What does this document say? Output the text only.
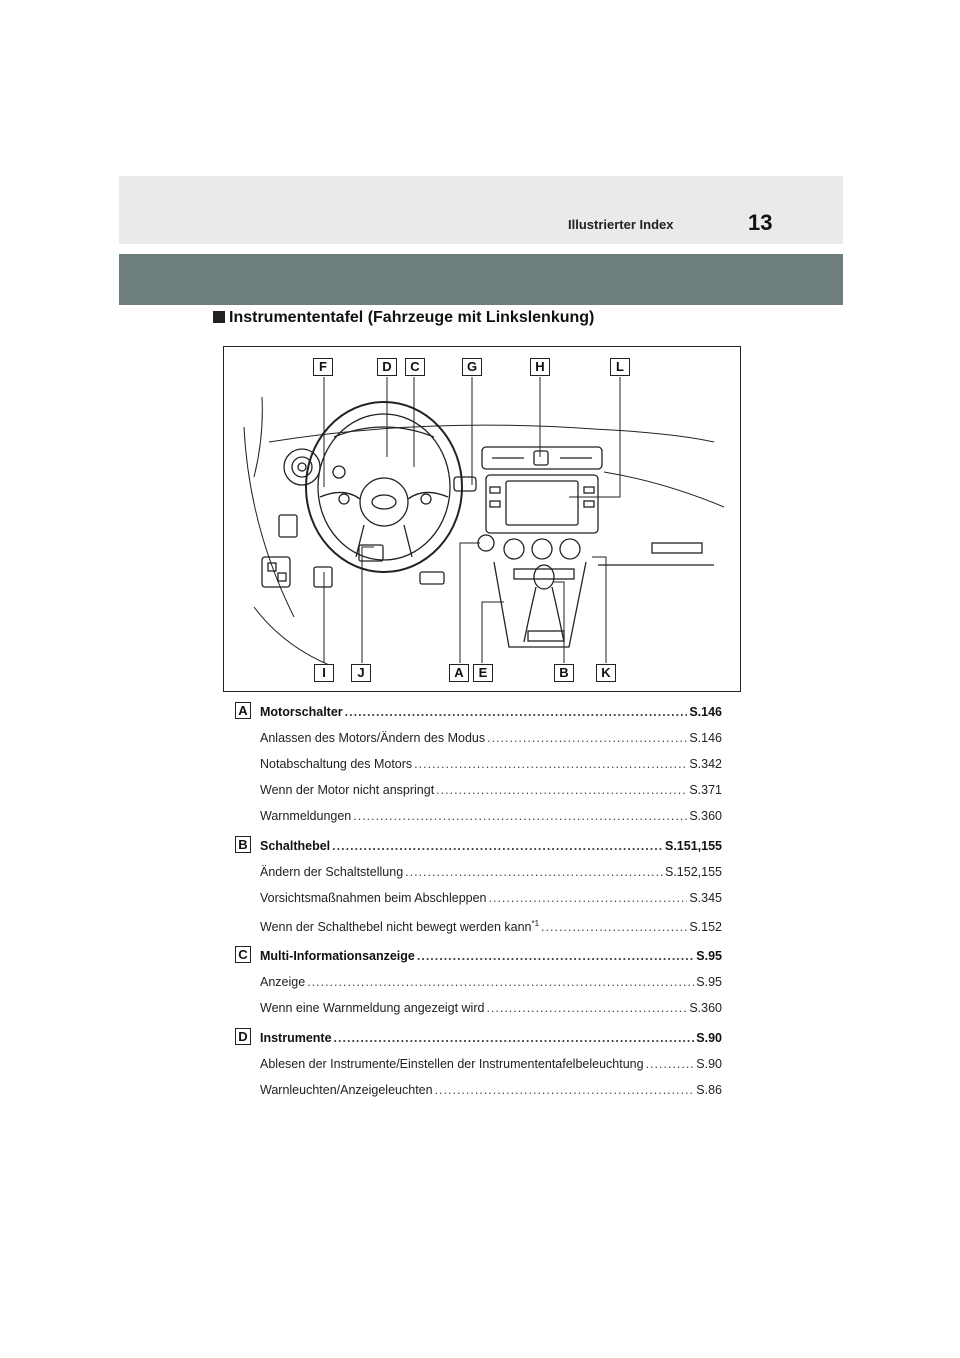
Illustrierter Index	13
Instrumententafel (Fahrzeuge mit Linkslenkung)
F	D	C	G	H	L
I	J	A	E	B	K
A Motorschalter .....	S.146
Anlassen des Motors/Ändern des Modus .....	S.146
Notabschaltung des Motors .....	S.342
Wenn der Motor nicht anspringt .....	S.371
Warnmeldungen .....	S.360
B Schalthebel .....	S.151,155
Ändern der Schaltstellung .....	S.152,155
Vorsichtsmaßnahmen beim Abschleppen .....	S.345
Wenn der Schalthebel nicht bewegt werden kann$^{*1}$ .....	S.152
C Multi-Informationsanzeige .....	S.95
Anzeige .....	S.95
Wenn eine Warnmeldung angezeigt wird .....	S.360
D Instrumente .....	S.90
Ablesen der Instrumente/Einstellen der Instrumententafelbeleuchtung .....	S.90
Warnleuchten/Anzeigeleuchten .....	S.86
